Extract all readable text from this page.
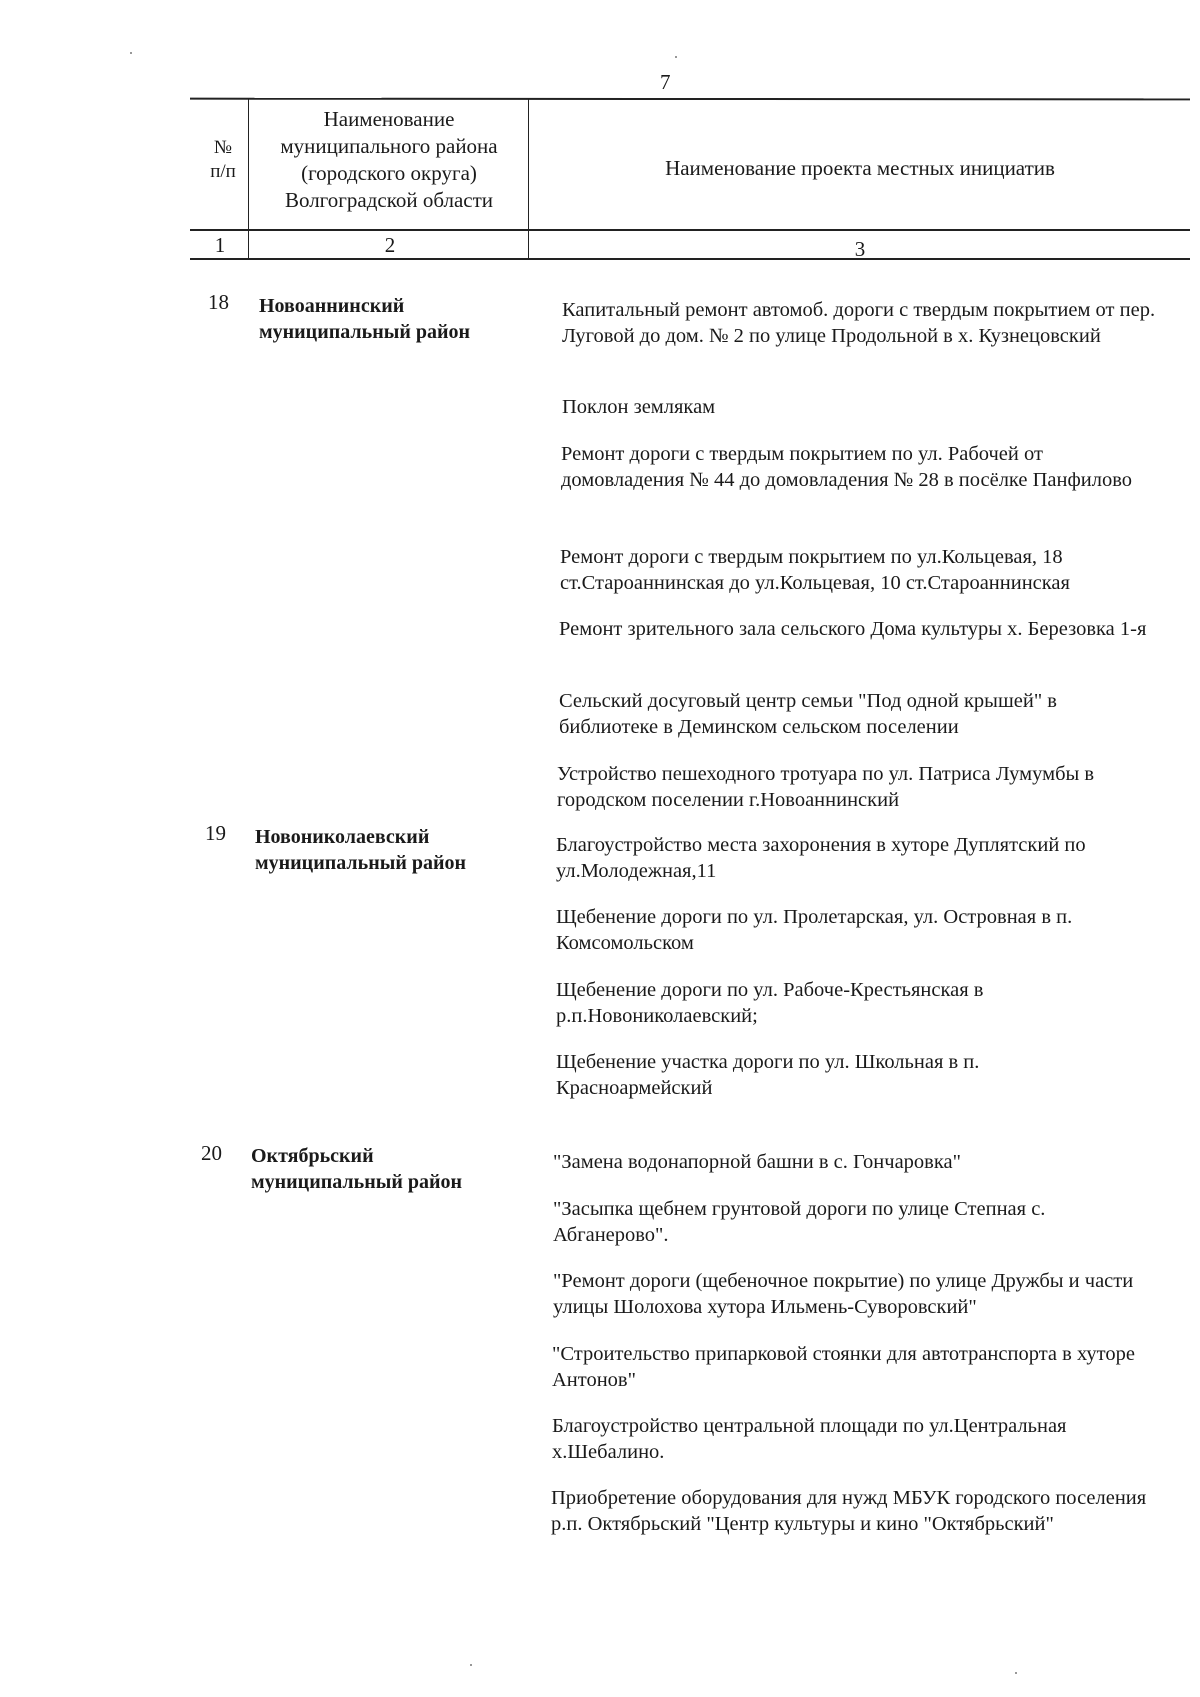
7
№ п/п
Наименование муниципального района (городского округа) Волгоградской области
Наименование проекта местных инициатив
1	2	3
18 Новоаннинский муниципальный район
Капитальный ремонт автомоб. дороги с твердым покрытием от пер. Луговой до дом. № 2 по улице Продольной в х. Кузнецовский
Поклон землякам
Ремонт дороги с твердым покрытием по ул. Рабочей от домовладения № 44 до домовладения № 28 в посёлке Панфилово
Ремонт дороги с твердым покрытием по ул.Кольцевая, 18 ст.Староаннинская до ул.Кольцевая, 10 ст.Староаннинская
Ремонт зрительного зала сельского Дома культуры х. Березовка 1-я
Сельский досуговый центр семьи "Под одной крышей" в библиотеке в Деминском сельском поселении
Устройство пешеходного тротуара по ул. Патриса Лумумбы в городском поселении г.Новоаннинский
19 Новониколаевский муниципальный район
Благоустройство места захоронения в хуторе Дуплятский по ул.Молодежная,11
Щебенение дороги по ул. Пролетарская, ул. Островная в п. Комсомольском
Щебенение дороги по ул. Рабоче-Крестьянская в р.п.Новониколаевский;
Щебенение участка дороги по ул. Школьная в п. Красноармейский
20 Октябрьский муниципальный район
"Замена водонапорной башни в с. Гончаровка"
"Засыпка щебнем грунтовой дороги по улице Степная с. Абганерово".
"Ремонт дороги (щебеночное покрытие) по улице Дружбы и части улицы Шолохова хутора Ильмень-Суворовский"
"Строительство припарковой стоянки для автотранспорта в хуторе Антонов"
Благоустройство центральной площади по ул.Центральная х.Шебалино.
Приобретение оборудования для нужд МБУК городского поселения р.п. Октябрьский "Центр культуры и кино "Октябрьский"
